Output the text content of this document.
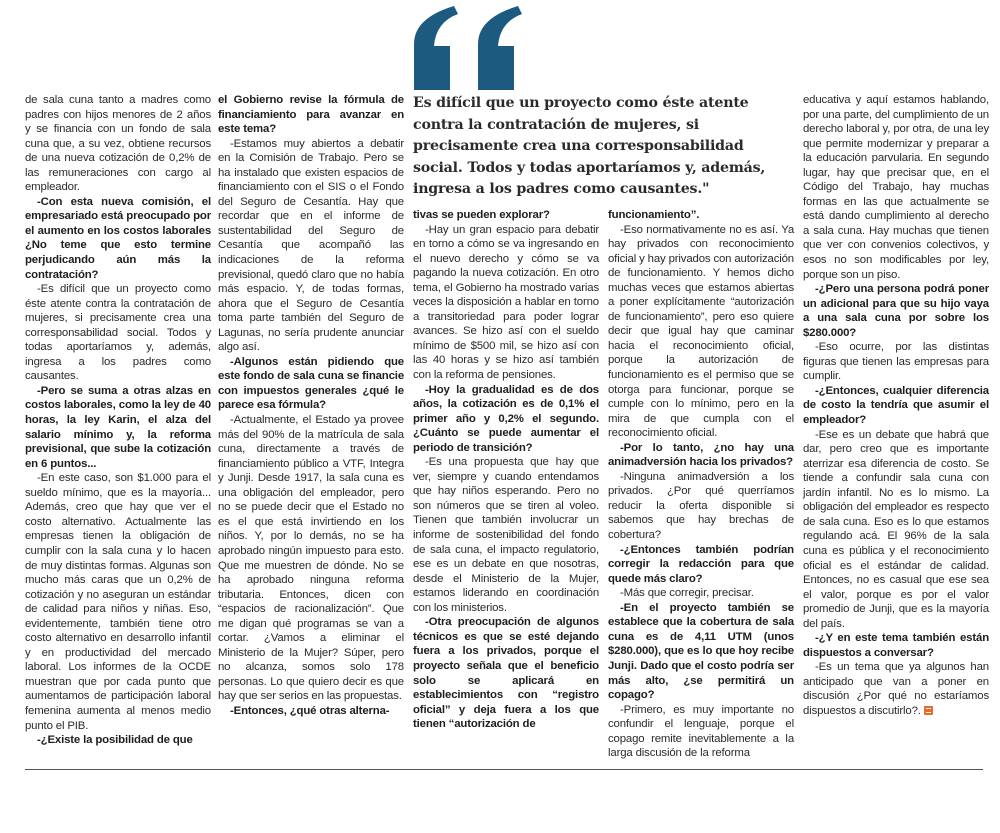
Es difícil que un proyecto como éste atente contra la contratación de mujeres, si precisamente crea una corresponsabilidad social. Todos y todas aportaríamos y, además, ingresa a los padres como causantes."

de sala cuna tanto a madres como padres con hijos menores de 2 años y se financia con un fondo de sala cuna que, a su vez, obtiene recursos de una nueva cotización de 0,2% de las remuneraciones con cargo al empleador.

-Con esta nueva comisión, el empresariado está preocupado por el aumento en los costos laborales ¿No teme que esto termine perjudicando aún más la contratación?

-Es difícil que un proyecto como éste atente contra la contratación de mujeres, si precisamente crea una corresponsabilidad social. Todos y todas aportaríamos y, además, ingresa a los padres como causantes.

-Pero se suma a otras alzas en costos laborales, como la ley de 40 horas, la ley Karin, el alza del salario mínimo y, la reforma previsional, que sube la cotización en 6 puntos...

-En este caso, son $1.000 para el sueldo mínimo, que es la mayoría... Además, creo que hay que ver el costo alternativo. Actualmente las empresas tienen la obligación de cumplir con la sala cuna y lo hacen de muy distintas formas. Algunas son mucho más caras que un 0,2% de cotización y no aseguran un estándar de calidad para niños y niñas. Eso, evidentemente, también tiene otro costo alternativo en desarrollo infantil y en productividad del mercado laboral. Los informes de la OCDE muestran que por cada punto que aumentamos de participación laboral femenina aumenta al menos medio punto el PIB.

-¿Existe la posibilidad de que

el Gobierno revise la fórmula de financiamiento para avanzar en este tema?

-Estamos muy abiertos a debatir en la Comisión de Trabajo. Pero se ha instalado que existen espacios de financiamiento con el SIS o el Fondo del Seguro de Cesantía. Hay que recordar que en el informe de sustentabilidad del Seguro de Cesantía que acompañó las indicaciones de la reforma previsional, quedó claro que no había más espacio. Y, de todas formas, ahora que el Seguro de Cesantía toma parte también del Seguro de Lagunas, no sería prudente anunciar algo así.

-Algunos están pidiendo que este fondo de sala cuna se financie con impuestos generales ¿qué le parece esa fórmula?

-Actualmente, el Estado ya provee más del 90% de la matrícula de sala cuna, directamente a través de financiamiento público a VTF, Integra y Junji. Desde 1917, la sala cuna es una obligación del empleador, pero no se puede decir que el Estado no es el que está invirtiendo en los niños. Y, por lo demás, no se ha aprobado ningún impuesto para esto. Que me muestren de dónde. No se ha aprobado ninguna reforma tributaria. Entonces, dicen con “espacios de racionalización”. Que me digan qué programas se van a cortar. ¿Vamos a eliminar el Ministerio de la Mujer? Súper, pero no alcanza, somos solo 178 personas. Lo que quiero decir es que hay que ser serios en las propuestas.

-Entonces, ¿qué otras alterna-

tivas se pueden explorar?

-Hay un gran espacio para debatir en torno a cómo se va ingresando en el nuevo derecho y cómo se va pagando la nueva cotización. En otro tema, el Gobierno ha mostrado varias veces la disposición a hablar en torno a transitoriedad para poder lograr avances. Se hizo así con el sueldo mínimo de $500 mil, se hizo así con las 40 horas y se hizo así también con la reforma de pensiones.

-Hoy la gradualidad es de dos años, la cotización es de 0,1% el primer año y 0,2% el segundo. ¿Cuánto se puede aumentar el periodo de transición?

-Es una propuesta que hay que ver, siempre y cuando entendamos que hay niños esperando. Pero no son números que se tiren al voleo. Tienen que también involucrar un informe de sostenibilidad del fondo de sala cuna, el impacto regulatorio, ese es un debate en que nosotras, desde el Ministerio de la Mujer, estamos liderando en coordinación con los ministerios.

-Otra preocupación de algunos técnicos es que se esté dejando fuera a los privados, porque el proyecto señala que el beneficio solo se aplicará en establecimientos con “registro oficial” y deja fuera a los que tienen “autorización de

funcionamiento”.

-Eso normativamente no es así. Ya hay privados con reconocimiento oficial y hay privados con autorización de funcionamiento. Y hemos dicho muchas veces que estamos abiertas a poner explícitamente “autorización de funcionamiento”, pero eso quiere decir que igual hay que caminar hacia el reconocimiento oficial, porque la autorización de funcionamiento es el permiso que se otorga para funcionar, porque se cumple con lo mínimo, pero en la mira de que cumpla con el reconocimiento oficial.

-Por lo tanto, ¿no hay una animadversión hacia los privados?

-Ninguna animadversión a los privados. ¿Por qué querríamos reducir la oferta disponible si sabemos que hay brechas de cobertura?

-¿Entonces también podrían corregir la redacción para que quede más claro?

-Más que corregir, precisar.

-En el proyecto también se establece que la cobertura de sala cuna es de 4,11 UTM (unos $280.000), que es lo que hoy recibe Junji. Dado que el costo podría ser más alto, ¿se permitirá un copago?

-Primero, es muy importante no confundir el lenguaje, porque el copago remite inevitablemente a la larga discusión de la reforma

educativa y aquí estamos hablando, por una parte, del cumplimiento de un derecho laboral y, por otra, de una ley que permite modernizar y preparar a la educación parvularia. En segundo lugar, hay que precisar que, en el Código del Trabajo, hay muchas formas en las que actualmente se está dando cumplimiento al derecho a sala cuna. Hay muchas que tienen que ver con convenios colectivos, y esos no son modificables por ley, porque son un piso.

-¿Pero una persona podrá poner un adicional para que su hijo vaya a una sala cuna por sobre los $280.000?

-Eso ocurre, por las distintas figuras que tienen las empresas para cumplir.

-¿Entonces, cualquier diferencia de costo la tendría que asumir el empleador?

-Ese es un debate que habrá que dar, pero creo que es importante aterrizar esa diferencia de costo. Se tiende a confundir sala cuna con jardín infantil. No es lo mismo. La obligación del empleador es respecto de sala cuna. Eso es lo que estamos regulando acá. El 96% de la sala cuna es pública y el reconocimiento oficial es el estándar de calidad. Entonces, no es casual que ese sea el valor, porque es por el valor promedio de Junji, que es la mayoría del país.

-¿Y en este tema también están dispuestos a conversar?

-Es un tema que ya algunos han anticipado que van a poner en discusión ¿Por qué no estaríamos dispuestos a discutirlo?.
